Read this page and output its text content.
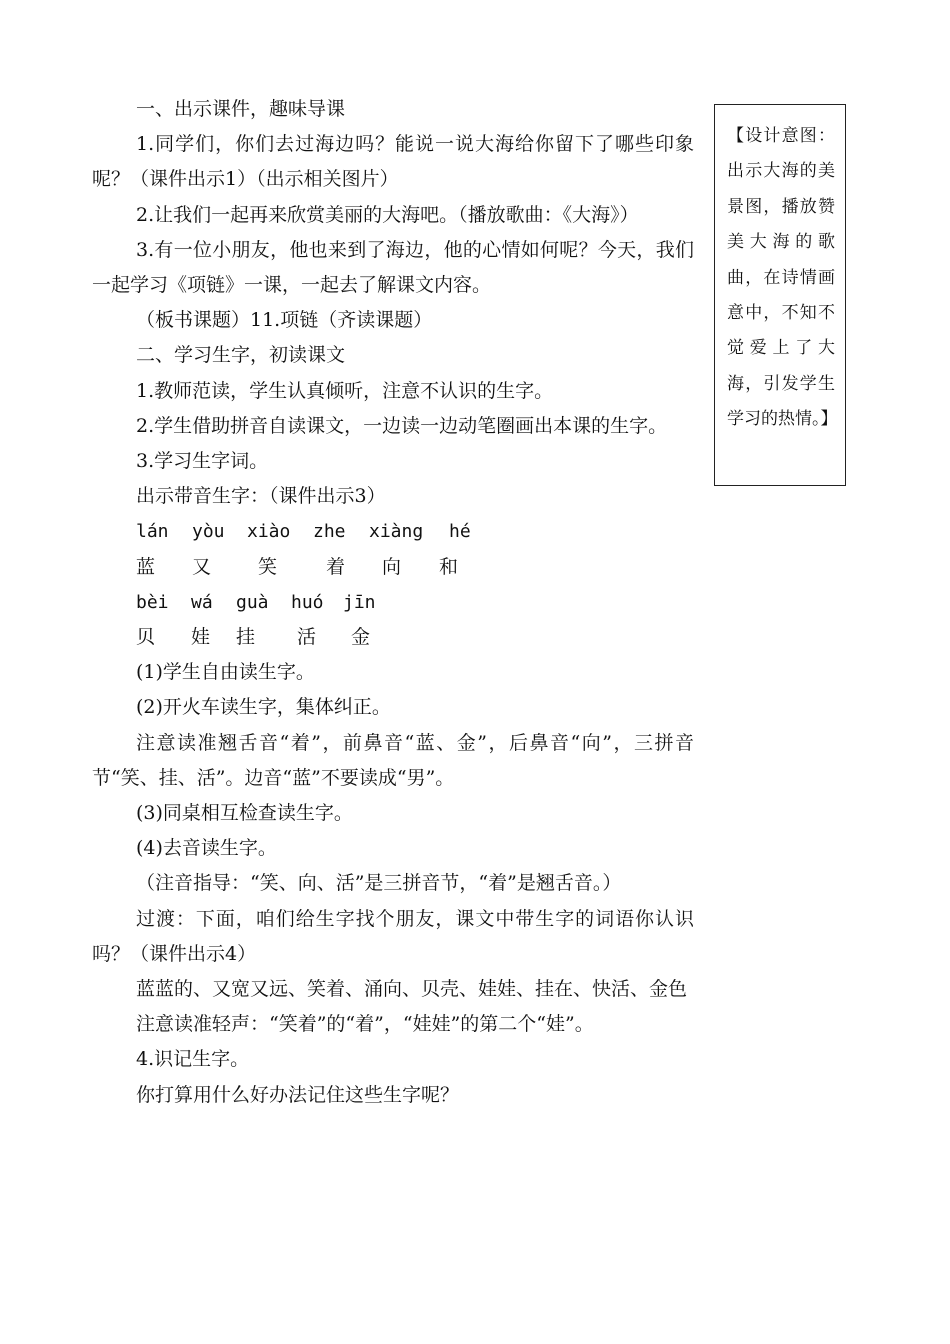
一、出示课件，趣味导课

1.同学们，你们去过海边吗？能说一说大海给你留下了哪些印象呢？（课件出示1）（出示相关图片）

2.让我们一起再来欣赏美丽的大海吧。（播放歌曲：《大海》）

3.有一位小朋友，他也来到了海边，他的心情如何呢？今天，我们一起学习《项链》一课，一起去了解课文内容。

（板书课题）11.项链（齐读课题）

二、学习生字，初读课文

1.教师范读，学生认真倾听，注意不认识的生字。

2.学生借助拼音自读课文，一边读一边动笔圈画出本课的生字。

3.学习生字词。

出示带音生字：（课件出示3）

lán	yòu	xiào	zhe	xiàng	hé
蓝	又	笑	着	向	和
bèi	wá	guà	huó	jīn
贝	娃	挂	活	金

(1)学生自由读生字。

(2)开火车读生字，集体纠正。

注意读准翘舌音“着”，前鼻音“蓝、金”，后鼻音“向”，三拼音节“笑、挂、活”。边音“蓝”不要读成“男”。

(3)同桌相互检查读生字。

(4)去音读生字。

（注音指导：“笑、向、活”是三拼音节，“着”是翘舌音。）

过渡：下面，咱们给生字找个朋友，课文中带生字的词语你认识吗？（课件出示4）

蓝蓝的、又宽又远、笑着、涌向、贝壳、娃娃、挂在、快活、金色

注意读准轻声：“笑着”的“着”，“娃娃”的第二个“娃”。

4.识记生字。

你打算用什么好办法记住这些生字呢？

【设计意图：出示大海的美景图，播放赞美大海的歌曲，在诗情画意中，不知不觉爱上了大海，引发学生学习的热情。】
